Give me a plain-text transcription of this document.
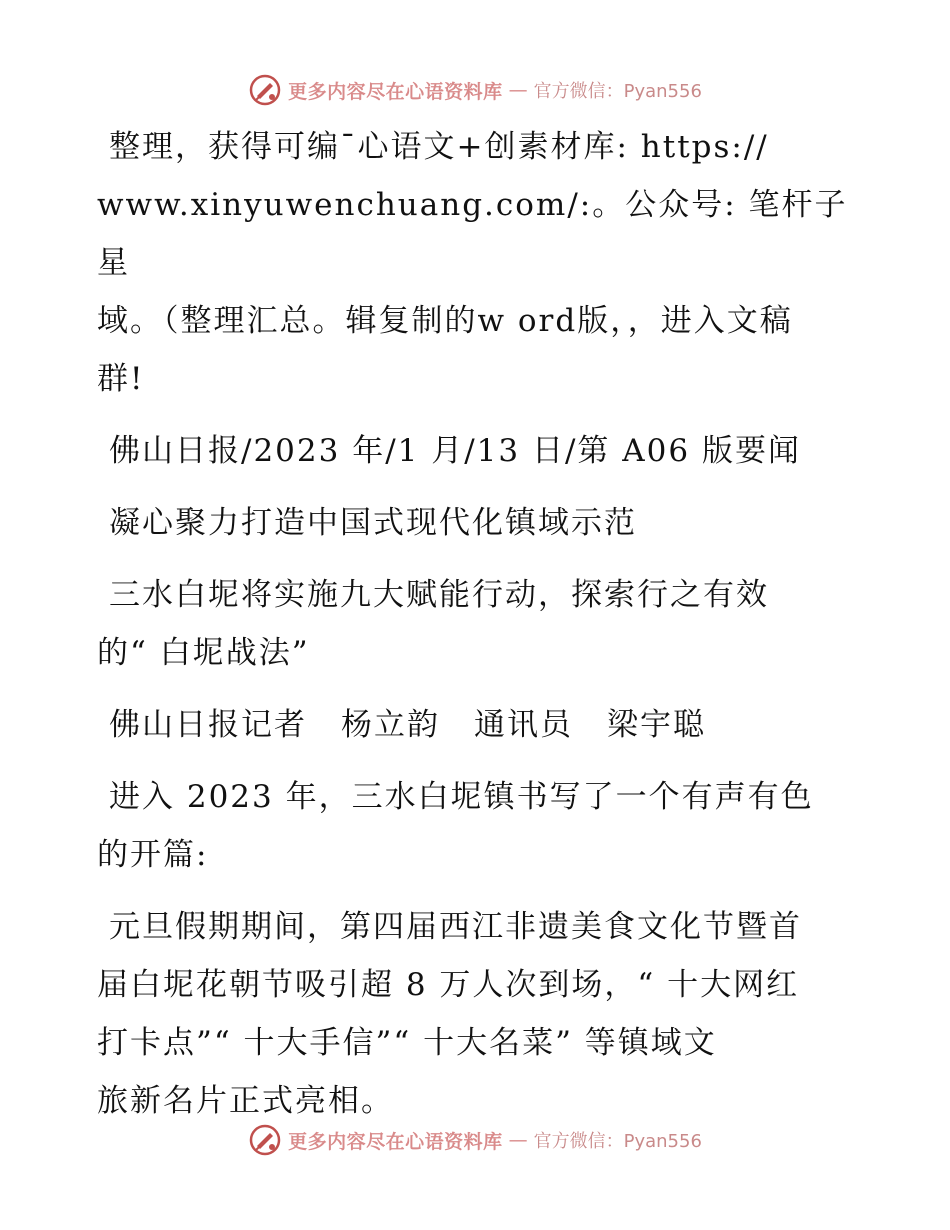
更多内容尽在心语资料库 — 官方微信：Pyan556

整理，获得可编¯心语文+创素材库: https://

www.xinyuwenchuang.com/:。公众号: 笔杆子星

域。（整理汇总。辑复制的w ord版，，进入文稿

群!

佛山日报/2023 年/1 月/13 日/第 A06 版要闻

凝心聚力打造中国式现代化镇域示范

三水白坭将实施九大赋能行动，探索行之有效

的“ 白坭战法”

佛山日报记者 杨立韵 通讯员 梁宇聪

进入 2023 年，三水白坭镇书写了一个有声有色

的开篇:

元旦假期期间，第四届西江非遗美食文化节暨首

届白坭花朝节吸引超 8 万人次到场，“ 十大网红

打卡点”“ 十大手信”“ 十大名菜” 等镇域文

旅新名片正式亮相。

更多内容尽在心语资料库 — 官方微信：Pyan556
